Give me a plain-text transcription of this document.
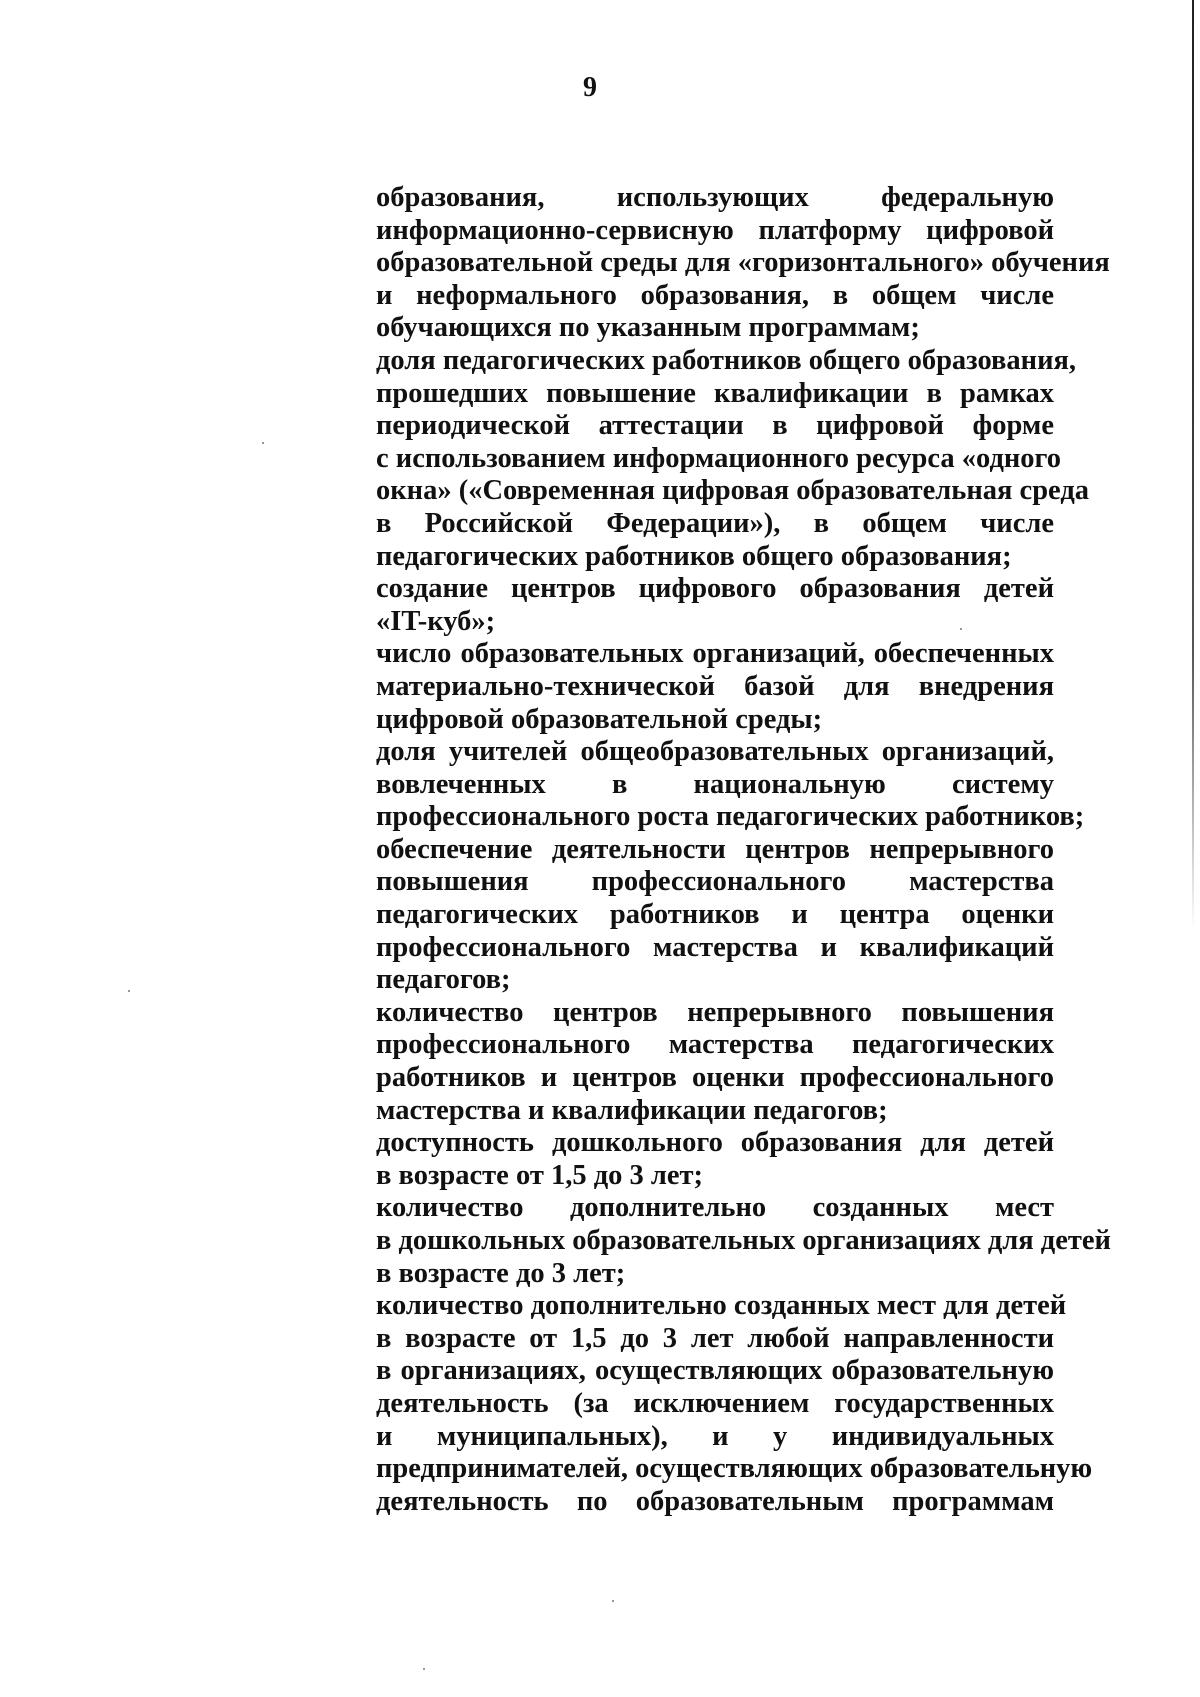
9
образования, использующих федеральную
информационно-сервисную платформу цифровой
образовательной среды для «горизонтального» обучения
и неформального образования, в общем числе
обучающихся по указанным программам;
доля педагогических работников общего образования,
прошедших повышение квалификации в рамках
периодической аттестации в цифровой форме
с использованием информационного ресурса «одного
окна» («Современная цифровая образовательная среда
в Российской Федерации»), в общем числе
педагогических работников общего образования;
создание центров цифрового образования детей
«IT-куб»;
число образовательных организаций, обеспеченных
материально-технической базой для внедрения
цифровой образовательной среды;
доля учителей общеобразовательных организаций,
вовлеченных в национальную систему
профессионального роста педагогических работников;
обеспечение деятельности центров непрерывного
повышения профессионального мастерства
педагогических работников и центра оценки
профессионального мастерства и квалификаций
педагогов;
количество центров непрерывного повышения
профессионального мастерства педагогических
работников и центров оценки профессионального
мастерства и квалификации педагогов;
доступность дошкольного образования для детей
в возрасте от 1,5 до 3 лет;
количество дополнительно созданных мест
в дошкольных образовательных организациях для детей
в возрасте до 3 лет;
количество дополнительно созданных мест для детей
в возрасте от 1,5 до 3 лет любой направленности
в организациях, осуществляющих образовательную
деятельность (за исключением государственных
и муниципальных), и у индивидуальных
предпринимателей, осуществляющих образовательную
деятельность по образовательным программам
